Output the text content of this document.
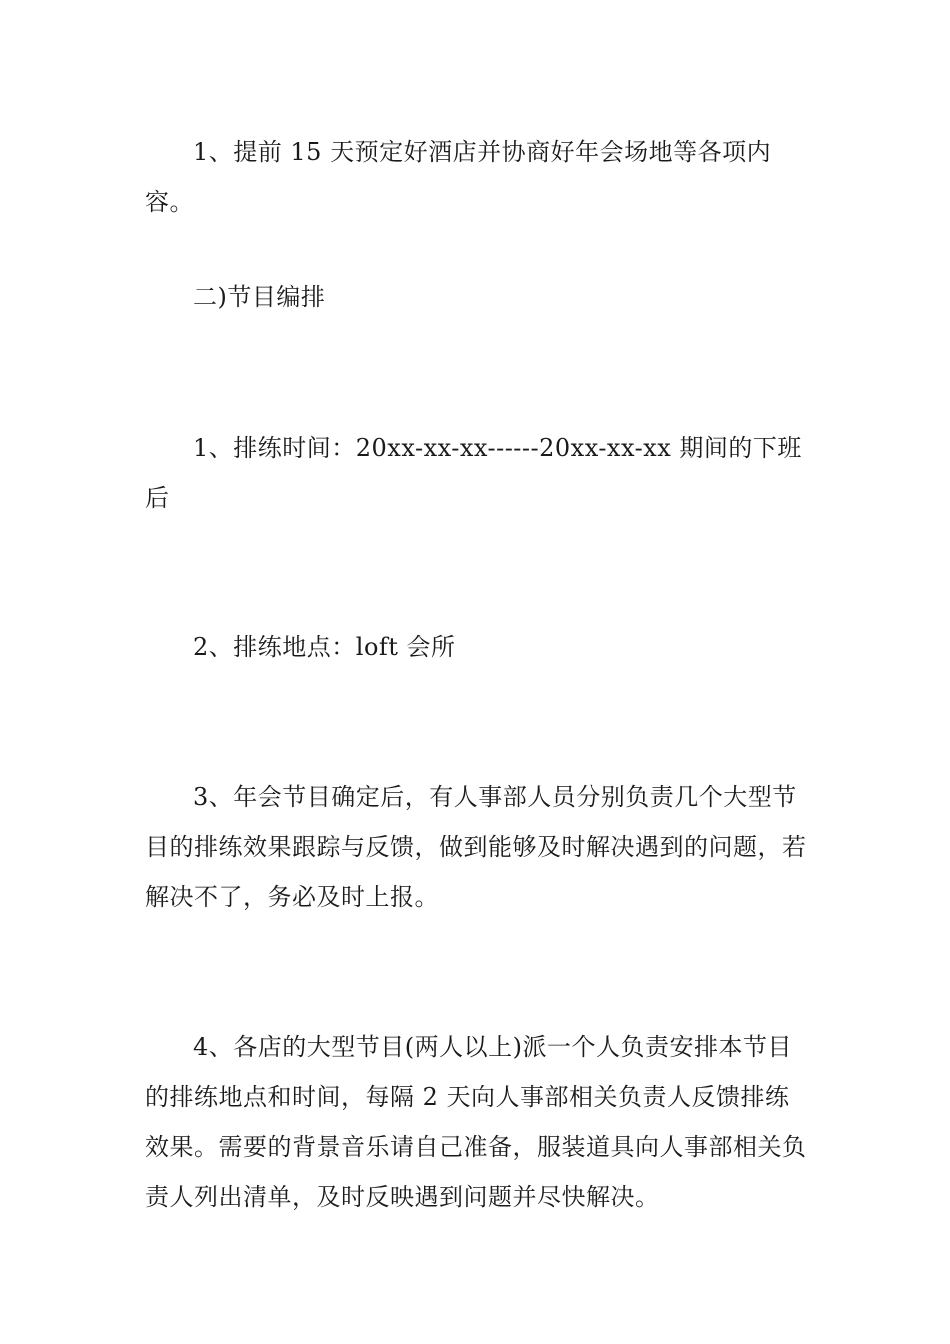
1、提前 15 天预定好酒店并协商好年会场地等各项内容。

二)节目编排

1、排练时间：20xx-xx-xx------20xx-xx-xx 期间的下班后

2、排练地点：loft 会所

3、年会节目确定后，有人事部人员分别负责几个大型节目的排练效果跟踪与反馈，做到能够及时解决遇到的问题，若解决不了，务必及时上报。

4、各店的大型节目(两人以上)派一个人负责安排本节目的排练地点和时间，每隔 2 天向人事部相关负责人反馈排练效果。需要的背景音乐请自己准备，服装道具向人事部相关负责人列出清单，及时反映遇到问题并尽快解决。
